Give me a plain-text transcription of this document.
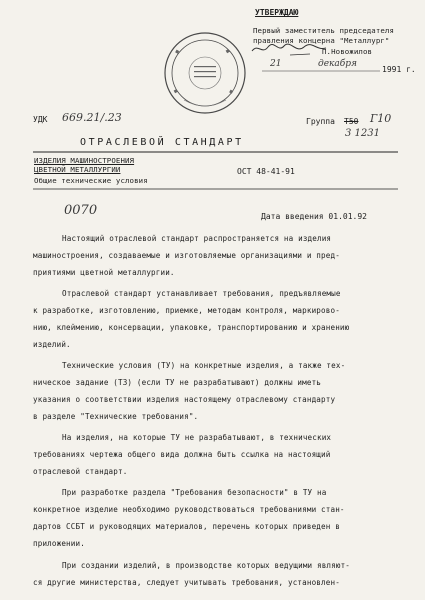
УТВЕРЖДАЮ
Первый заместитель председателя
правления концерна "Металлург"
П.Новожилов
1991 г.
21	декабря
УДК 669.21/.23	Группа Т50 Г10
3 1231
ОТРАСЛЕВОЙ СТАНДАРТ
ИЗДЕЛИЯ МАШИНОСТРОЕНИЯ
ЦВЕТНОЙ МЕТАЛЛУРГИИ
Общие технические условия
ОСТ 48-41-91
0070	Дата введения 01.01.92
Настоящий отраслевой стандарт распространяется на изделия
машиностроения, создаваемые и изготовляемые организациями и пред-
приятиями цветной металлургии.
Отраслевой стандарт устанавливает требования, предъявляемые
к разработке, изготовлению, приемке, методам контроля, маркирово-
нию, клеймению, консервации, упаковке, транспортированию и хранению
изделий.
Технические условия (ТУ) на конкретные изделия, а также тех-
ническое задание (ТЗ) (если ТУ не разрабатывают) должны иметь
указания о соответствии изделия настоящему отраслевому стандарту
в разделе "Технические требования".
На изделия, на которые ТУ не разрабатывают, в технических
требованиях чертежа общего вида должна быть ссылка на настоящий
отраслевой стандарт.
При разработке раздела "Требования безопасности" в ТУ на
конкретное изделие необходимо руководствоваться требованиями стан-
дартов ССБТ и руководящих материалов, перечень которых приведен в
приложении.
При создании изделий, в производстве которых ведущими являют-
ся другие министерства, следует учитывать требования, установлен-
